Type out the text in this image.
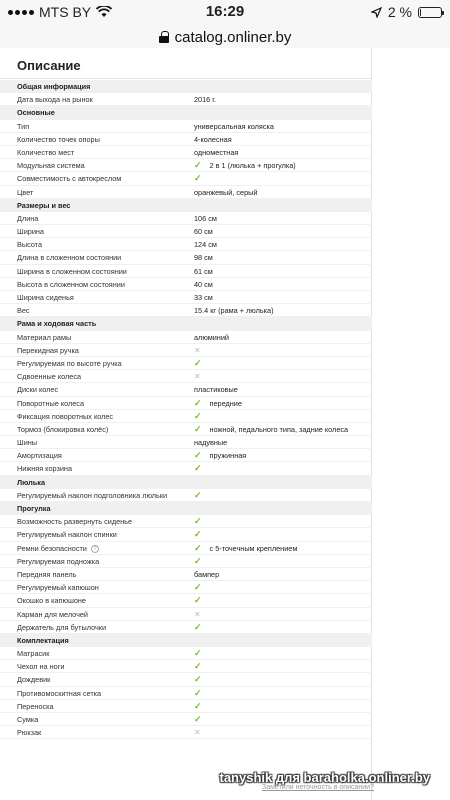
MTS BY	16:29	2 %
catalog.onliner.by
Описание
Общая информация
Дата выхода на рынок	2016 г.
Основные
Тип	универсальная коляска
Количество точек опоры	4-колесная
Количество мест	одноместная
Модульная система	✓ 2 в 1 (люлька + прогулка)
Совместимость с автокреслом	✓
Цвет	оранжевый, серый
Размеры и вес
Длина	106 см
Ширина	60 см
Высота	124 см
Длина в сложенном состоянии	98 см
Ширина в сложенном состоянии	61 см
Высота в сложенном состоянии	40 см
Ширина сиденья	33 см
Вес	15.4 кг (рама + люлька)
Рама и ходовая часть
Материал рамы	алюминий
Перекидная ручка	✕
Регулируемая по высоте ручка	✓
Сдвоенные колеса	✕
Диски колес	пластиковые
Поворотные колеса	✓ передние
Фиксация поворотных колес	✓
Тормоз (блокировка колёс)	✓ ножной, педального типа, задние колеса
Шины	надувные
Амортизация	✓ пружинная
Нижняя корзина	✓
Люлька
Регулируемый наклон подголовника люльки	✓
Прогулка
Возможность развернуть сиденье	✓
Регулируемый наклон спинки	✓
Ремни безопасности ?	✓ с 5-точечным креплением
Регулируемая подножка	✓
Передняя панель	бампер
Регулируемый капюшон	✓
Окошко в капюшоне	✓
Карман для мелочей	✕
Держатель для бутылочки	✓
Комплектация
Матрасик	✓
Чехол на ноги	✓
Дождевик	✓
Противомоскитная сетка	✓
Переноска	✓
Сумка	✓
Рюкзак	✕
tanyshik для baraholka.onliner.by
Заметили неточность в описании?
